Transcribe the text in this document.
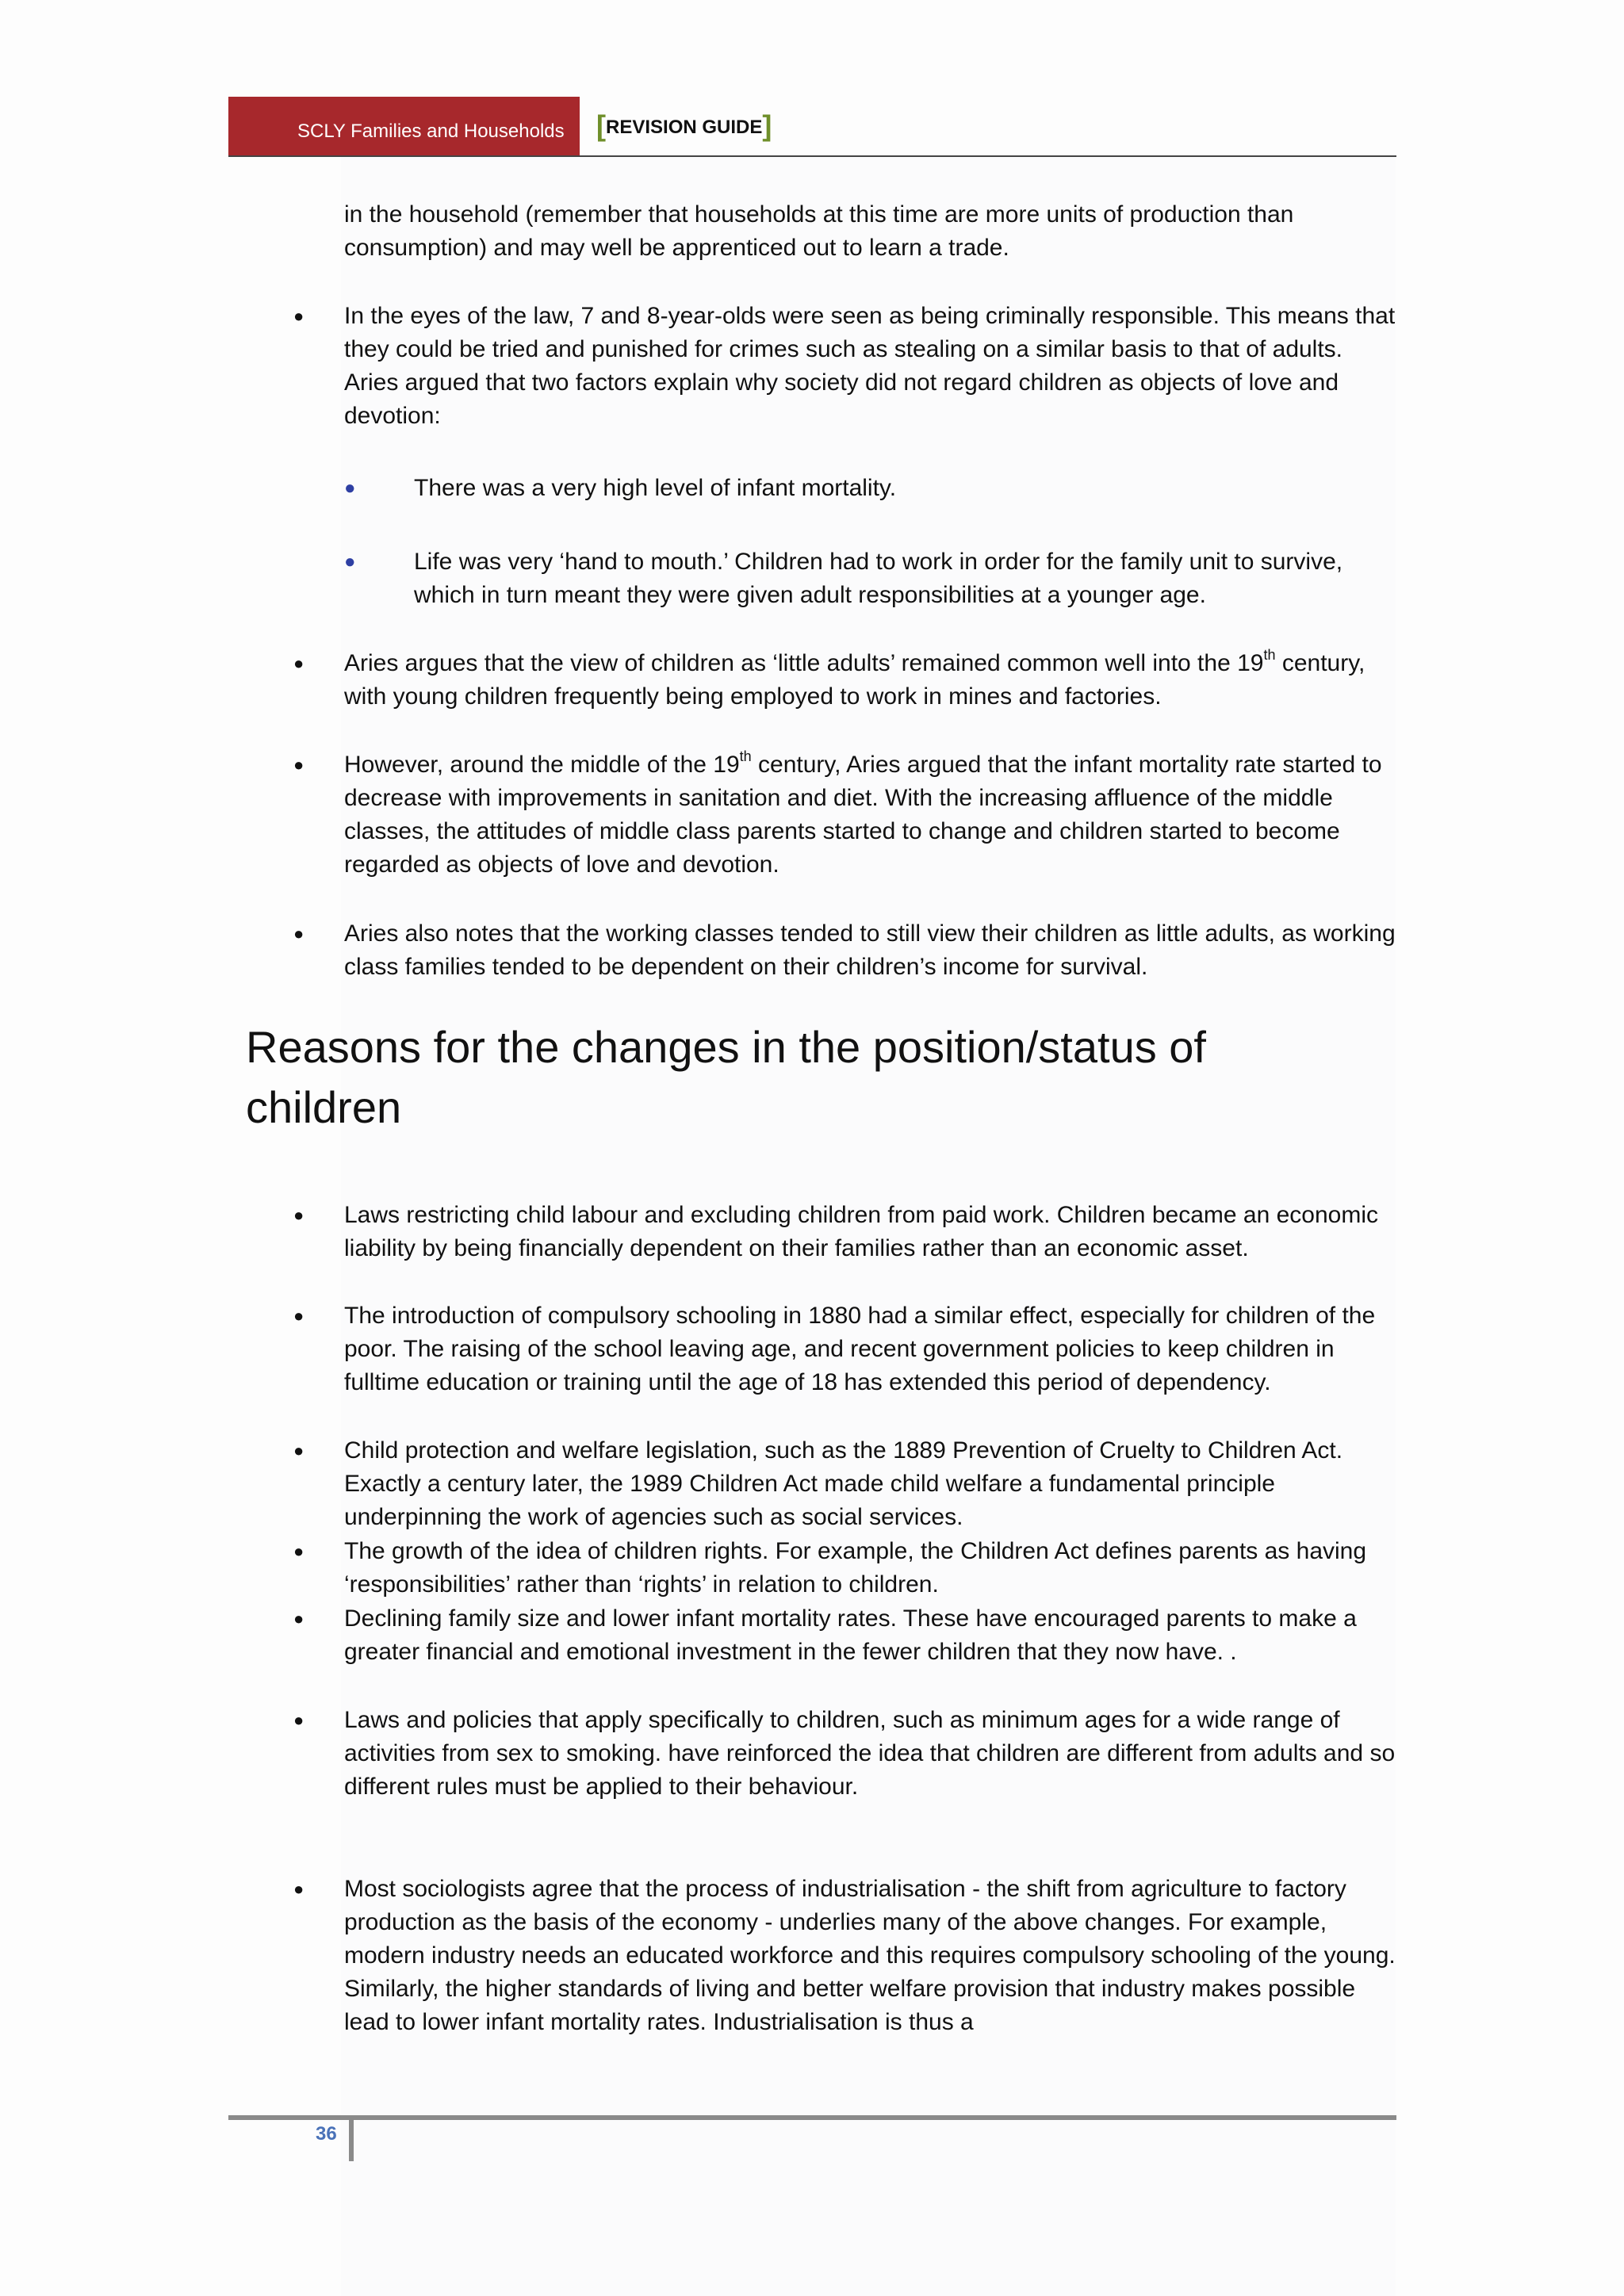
SCLY Families and Households	[REVISION GUIDE]
in the household (remember that households at this time are more units of production than consumption) and may well be apprenticed out to learn a trade.
● In the eyes of the law, 7 and 8-year-olds were seen as being criminally responsible. This means that they could be tried and punished for crimes such as stealing on a similar basis to that of adults. Aries argued that two factors explain why society did not regard children as objects of love and devotion:
● There was a very high level of infant mortality.
● Life was very ‘hand to mouth.’ Children had to work in order for the family unit to survive, which in turn meant they were given adult responsibilities at a younger age.
● Aries argues that the view of children as ‘little adults’ remained common well into the 19th century, with young children frequently being employed to work in mines and factories.
● However, around the middle of the 19th century, Aries argued that the infant mortality rate started to decrease with improvements in sanitation and diet. With the increasing affluence of the middle classes, the attitudes of middle class parents started to change and children started to become regarded as objects of love and devotion.
● Aries also notes that the working classes tended to still view their children as little adults, as working class families tended to be dependent on their children’s income for survival.
Reasons for the changes in the position/status of children
● Laws restricting child labour and excluding children from paid work. Children became an economic liability by being financially dependent on their families rather than an economic asset.
● The introduction of compulsory schooling in 1880 had a similar effect, especially for children of the poor. The raising of the school leaving age, and recent government policies to keep children in fulltime education or training until the age of 18 has extended this period of dependency.
● Child protection and welfare legislation, such as the 1889 Prevention of Cruelty to Children Act. Exactly a century later, the 1989 Children Act made child welfare a fundamental principle underpinning the work of agencies such as social services.
● The growth of the idea of children rights. For example, the Children Act defines parents as having ‘responsibilities’ rather than ‘rights’ in relation to children.
● Declining family size and lower infant mortality rates. These have encouraged parents to make a greater financial and emotional investment in the fewer children that they now have. .
● Laws and policies that apply specifically to children, such as minimum ages for a wide range of activities from sex to smoking. have reinforced the idea that children are different from adults and so different rules must be applied to their behaviour.
● Most sociologists agree that the process of industrialisation - the shift from agriculture to factory production as the basis of the economy - underlies many of the above changes. For example, modern industry needs an educated workforce and this requires compulsory schooling of the young. Similarly, the higher standards of living and better welfare provision that industry makes possible lead to lower infant mortality rates. Industrialisation is thus a
36
